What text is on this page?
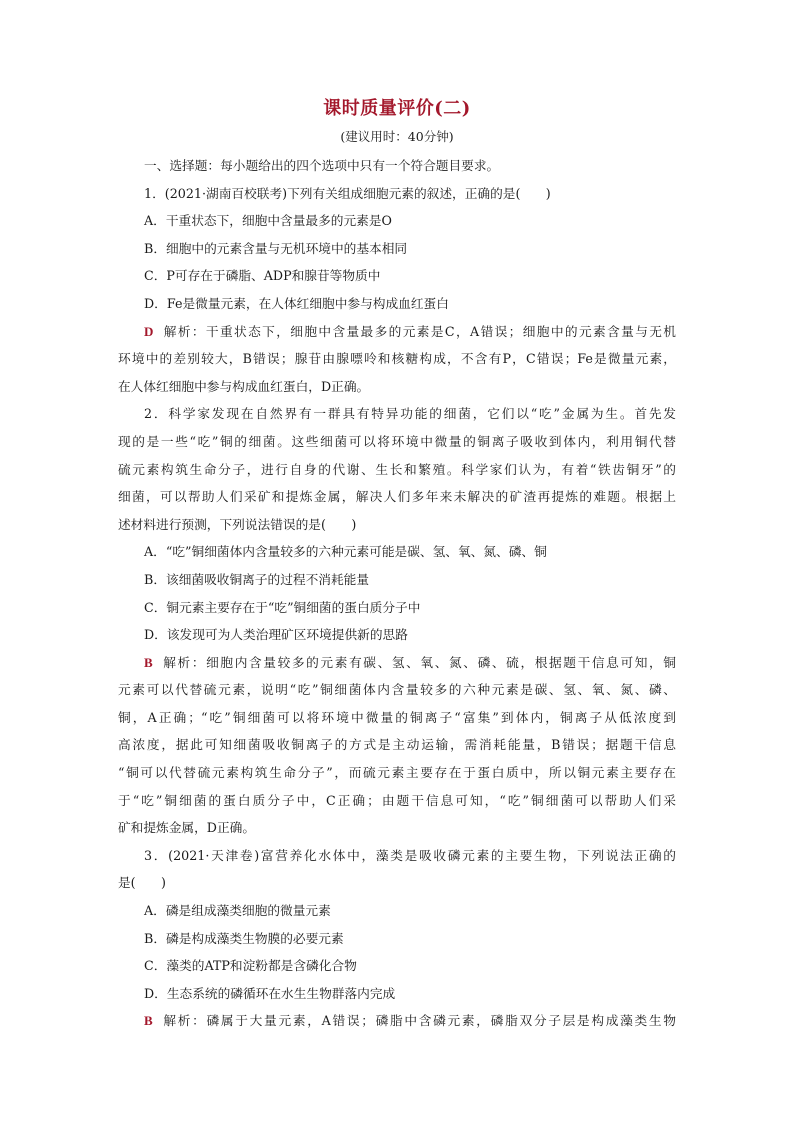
课时质量评价(二)
(建议用时：40分钟)
一、选择题：每小题给出的四个选项中只有一个符合题目要求。
1．(2021·湖南百校联考)下列有关组成细胞元素的叙述，正确的是(　　)
A．干重状态下，细胞中含量最多的元素是O
B．细胞中的元素含量与无机环境中的基本相同
C．P可存在于磷脂、ADP和腺苷等物质中
D．Fe是微量元素，在人体红细胞中参与构成血红蛋白
D 解析：干重状态下，细胞中含量最多的元素是C，A错误；细胞中的元素含量与无机
环境中的差别较大，B错误；腺苷由腺嘌呤和核糖构成，不含有P，C错误；Fe是微量元素，
在人体红细胞中参与构成血红蛋白，D正确。
2．科学家发现在自然界有一群具有特异功能的细菌，它们以“吃”金属为生。首先发
现的是一些“吃”铜的细菌。这些细菌可以将环境中微量的铜离子吸收到体内，利用铜代替
硫元素构筑生命分子，进行自身的代谢、生长和繁殖。科学家们认为，有着“铁齿铜牙”的
细菌，可以帮助人们采矿和提炼金属，解决人们多年来未解决的矿渣再提炼的难题。根据上
述材料进行预测，下列说法错误的是(　　)
A．“吃”铜细菌体内含量较多的六种元素可能是碳、氢、氧、氮、磷、铜
B．该细菌吸收铜离子的过程不消耗能量
C．铜元素主要存在于“吃”铜细菌的蛋白质分子中
D．该发现可为人类治理矿区环境提供新的思路
B 解析：细胞内含量较多的元素有碳、氢、氧、氮、磷、硫，根据题干信息可知，铜
元素可以代替硫元素，说明“吃”铜细菌体内含量较多的六种元素是碳、氢、氧、氮、磷、
铜，A正确；“吃”铜细菌可以将环境中微量的铜离子“富集”到体内，铜离子从低浓度到
高浓度，据此可知细菌吸收铜离子的方式是主动运输，需消耗能量，B错误；据题干信息
“铜可以代替硫元素构筑生命分子”，而硫元素主要存在于蛋白质中，所以铜元素主要存在
于“吃”铜细菌的蛋白质分子中，C正确；由题干信息可知，“吃”铜细菌可以帮助人们采
矿和提炼金属，D正确。
3．(2021·天津卷)富营养化水体中，藻类是吸收磷元素的主要生物，下列说法正确的
是(　　)
A．磷是组成藻类细胞的微量元素
B．磷是构成藻类生物膜的必要元素
C．藻类的ATP和淀粉都是含磷化合物
D．生态系统的磷循环在水生生物群落内完成
B 解析：磷属于大量元素，A错误；磷脂中含磷元素，磷脂双分子层是构成藻类生物
